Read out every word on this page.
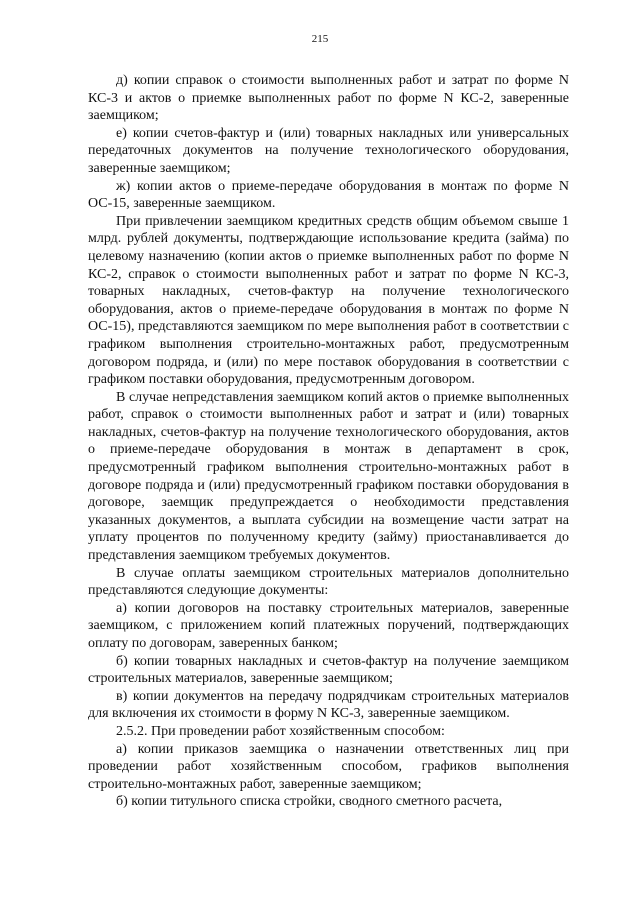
215

д) копии справок о стоимости выполненных работ и затрат по форме N КС-3 и актов о приемке выполненных работ по форме N КС-2, заверенные заемщиком;

е) копии счетов-фактур и (или) товарных накладных или универсальных передаточных документов на получение технологического оборудования, заверенные заемщиком;

ж) копии актов о приеме-передаче оборудования в монтаж по форме N ОС-15, заверенные заемщиком.

При привлечении заемщиком кредитных средств общим объемом свыше 1 млрд. рублей документы, подтверждающие использование кредита (займа) по целевому назначению (копии актов о приемке выполненных работ по форме N КС-2, справок о стоимости выполненных работ и затрат по форме N КС-3, товарных накладных, счетов-фактур на получение технологического оборудования, актов о приеме-передаче оборудования в монтаж по форме N ОС-15), представляются заемщиком по мере выполнения работ в соответствии с графиком выполнения строительно-монтажных работ, предусмотренным договором подряда, и (или) по мере поставок оборудования в соответствии с графиком поставки оборудования, предусмотренным договором.

В случае непредставления заемщиком копий актов о приемке выполненных работ, справок о стоимости выполненных работ и затрат и (или) товарных накладных, счетов-фактур на получение технологического оборудования, актов о приеме-передаче оборудования в монтаж в департамент в срок, предусмотренный графиком выполнения строительно-монтажных работ в договоре подряда и (или) предусмотренный графиком поставки оборудования в договоре, заемщик предупреждается о необходимости представления указанных документов, а выплата субсидии на возмещение части затрат на уплату процентов по полученному кредиту (займу) приостанавливается до представления заемщиком требуемых документов.

В случае оплаты заемщиком строительных материалов дополнительно представляются следующие документы:

а) копии договоров на поставку строительных материалов, заверенные заемщиком, с приложением копий платежных поручений, подтверждающих оплату по договорам, заверенных банком;

б) копии товарных накладных и счетов-фактур на получение заемщиком строительных материалов, заверенные заемщиком;

в) копии документов на передачу подрядчикам строительных материалов для включения их стоимости в форму N КС-3, заверенные заемщиком.

2.5.2. При проведении работ хозяйственным способом:

а) копии приказов заемщика о назначении ответственных лиц при проведении работ хозяйственным способом, графиков выполнения строительно-монтажных работ, заверенные заемщиком;

б) копии титульного списка стройки, сводного сметного расчета,
